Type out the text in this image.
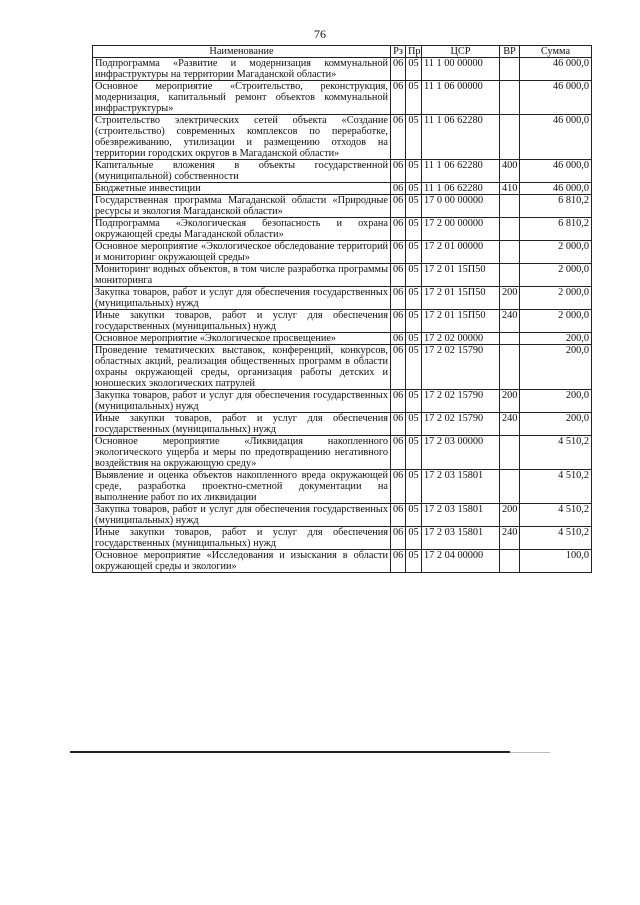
76
Наименование	Рз	Пр	ЦСР	ВР	Сумма
Подпрограмма «Развитие и модернизация коммунальной инфраструктуры на территории Магаданской области»	06	05	11 1 00 00000		46 000,0
Основное мероприятие «Строительство, реконструкция, модернизация, капитальный ремонт объектов коммунальной инфраструктуры»	06	05	11 1 06 00000		46 000,0
Строительство электрических сетей объекта «Создание (строительство) современных комплексов по переработке, обезвреживанию, утилизации и размещению отходов на территории городских округов в Магаданской области»	06	05	11 1 06 62280		46 000,0
Капитальные вложения в объекты государственной (муниципальной) собственности	06	05	11 1 06 62280	400	46 000,0
Бюджетные инвестиции	06	05	11 1 06 62280	410	46 000,0
Государственная программа Магаданской области «Природные ресурсы и экология Магаданской области»	06	05	17 0 00 00000		6 810,2
Подпрограмма «Экологическая безопасность и охрана окружающей среды Магаданской области»	06	05	17 2 00 00000		6 810,2
Основное мероприятие «Экологическое обследование территорий и мониторинг окружающей среды»	06	05	17 2 01 00000		2 000,0
Мониторинг водных объектов, в том числе разработка программы мониторинга	06	05	17 2 01 15П50		2 000,0
Закупка товаров, работ и услуг для обеспечения государственных (муниципальных) нужд	06	05	17 2 01 15П50	200	2 000,0
Иные закупки товаров, работ и услуг для обеспечения государственных (муниципальных) нужд	06	05	17 2 01 15П50	240	2 000,0
Основное мероприятие «Экологическое просвещение»	06	05	17 2 02 00000		200,0
Проведение тематических выставок, конференций, конкурсов, областных акций, реализация общественных программ в области охраны окружающей среды, организация работы детских и юношеских экологических патрулей	06	05	17 2 02 15790		200,0
Закупка товаров, работ и услуг для обеспечения государственных (муниципальных) нужд	06	05	17 2 02 15790	200	200,0
Иные закупки товаров, работ и услуг для обеспечения государственных (муниципальных) нужд	06	05	17 2 02 15790	240	200,0
Основное мероприятие «Ликвидация накопленного экологического ущерба и меры по предотвращению негативного воздействия на окружающую среду»	06	05	17 2 03 00000		4 510,2
Выявление и оценка объектов накопленного вреда окружающей среде, разработка проектно-сметной документации на выполнение работ по их ликвидации	06	05	17 2 03 15801		4 510,2
Закупка товаров, работ и услуг для обеспечения государственных (муниципальных) нужд	06	05	17 2 03 15801	200	4 510,2
Иные закупки товаров, работ и услуг для обеспечения государственных (муниципальных) нужд	06	05	17 2 03 15801	240	4 510,2
Основное мероприятие «Исследования и изыскания в области окружающей среды и экологии»	06	05	17 2 04 00000		100,0
